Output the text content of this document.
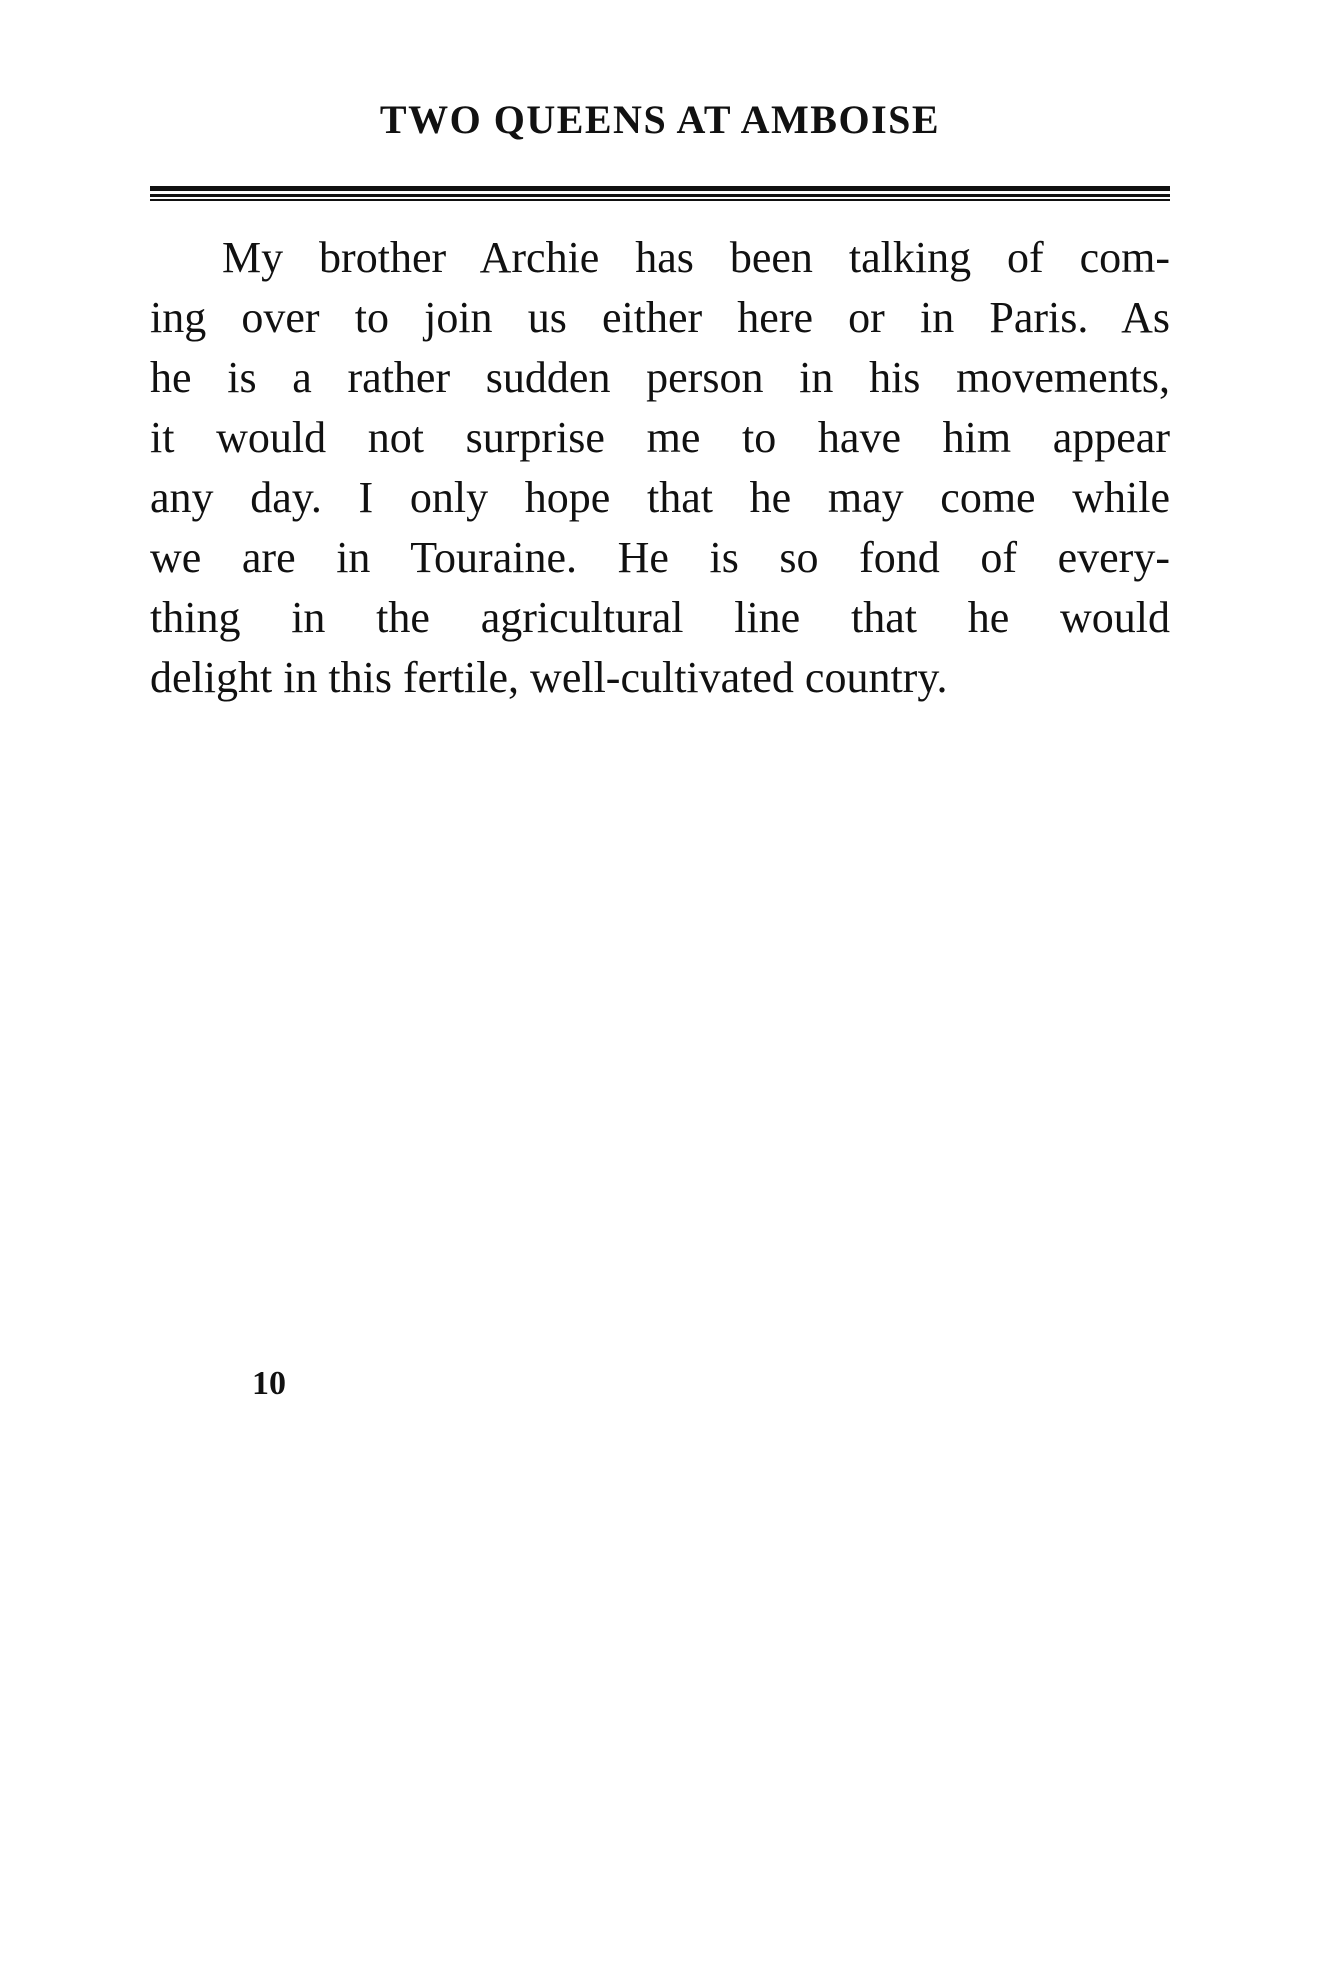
TWO QUEENS AT AMBOISE
My brother Archie has been talking of com-
ing over to join us either here or in Paris. As
he is a rather sudden person in his movements,
it would not surprise me to have him appear
any day. I only hope that he may come while
we are in Touraine. He is so fond of every-
thing in the agricultural line that he would
delight in this fertile, well-cultivated country.

10
